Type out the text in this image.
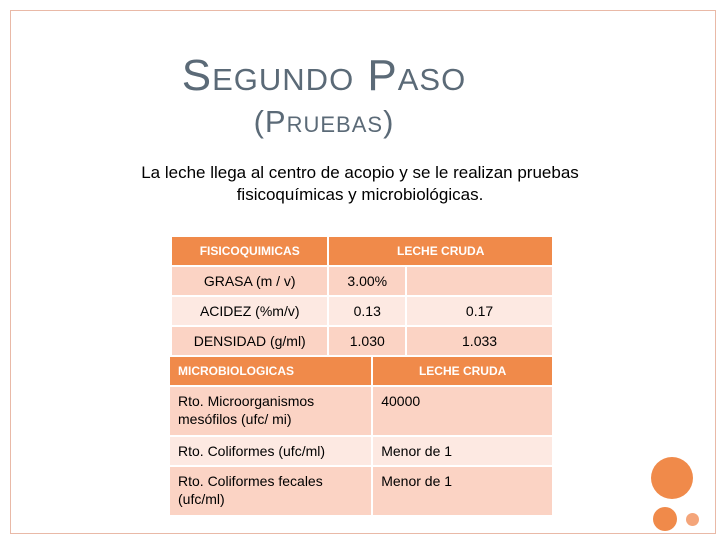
Segundo Paso
(Pruebas)
La leche llega al centro de acopio y se le realizan pruebas
fisicoquímicas y microbiológicas.
FISICOQUIMICAS	LECHE CRUDA	
GRASA (m / v)	3.00%	
ACIDEZ (%m/v)	0.13	0.17
DENSIDAD (g/ml)	1.030	1.033
MICROBIOLOGICAS	LECHE CRUDA

Rto. Microorganismos
mesófilos (ufc/ mi)	40000

Rto. Coliformes (ufc/ml)	Menor de 1

Rto. Coliformes fecales
(ufc/ml)	Menor de 1
